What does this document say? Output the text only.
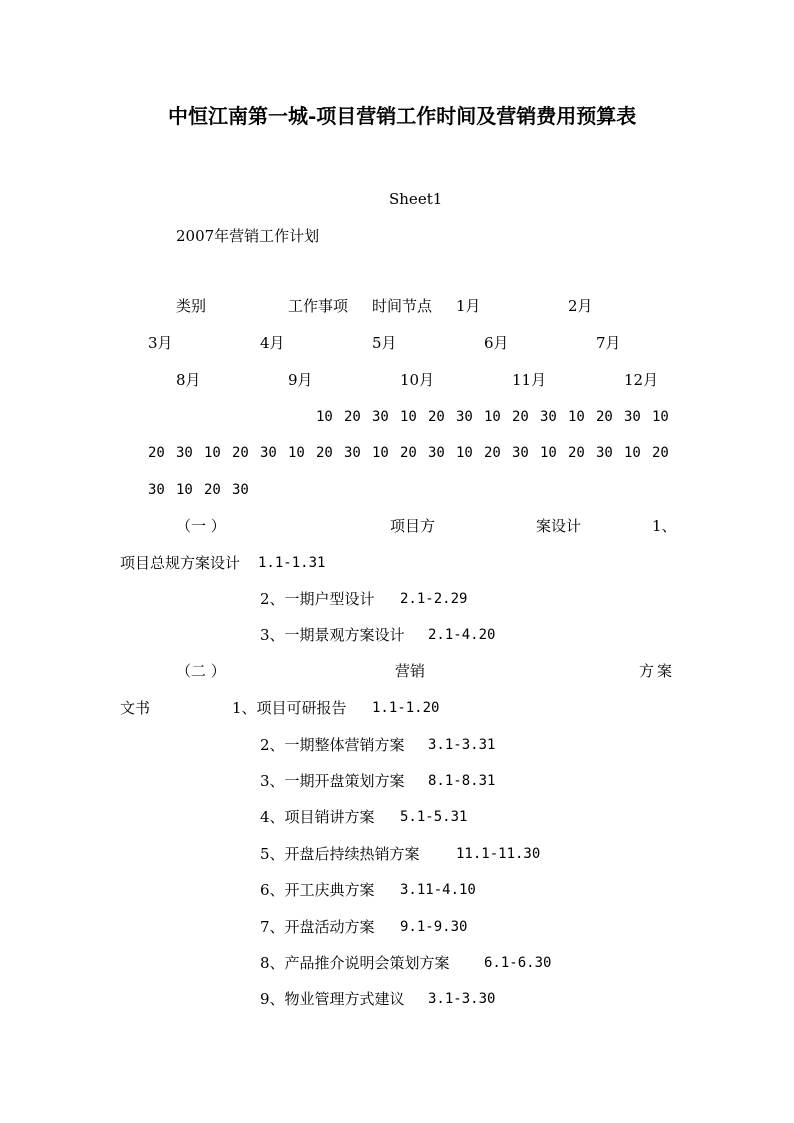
中恒江南第一城-项目营销工作时间及营销费用预算表
Sheet1
2007年营销工作计划
类别	工作事项 时间节点 1月	2月
3月	4月	5月	6月	7月
8月	9月	10月	11月	12月
10 20 30 10 20 30 10 20 30 10 20 30 10
20 30 10 20 30 10 20 30 10 20 30 10 20 30 10 20 30 10 20
30 10 20 30
（一 ）	项目方	案设计	1、
项目总规方案设计 1.1-1.31
2、一期户型设计 2.1-2.29
3、一期景观方案设计 2.1-4.20
（二 ）	营销	方案
文书	1、项目可研报告 1.1-1.20
2、一期整体营销方案 3.1-3.31
3、一期开盘策划方案 8.1-8.31
4、项目销讲方案 5.1-5.31
5、开盘后持续热销方案	11.1-11.30
6、开工庆典方案 3.11-4.10
7、开盘活动方案 9.1-9.30
8、产品推介说明会策划方案 6.1-6.30
9、物业管理方式建议 3.1-3.30
